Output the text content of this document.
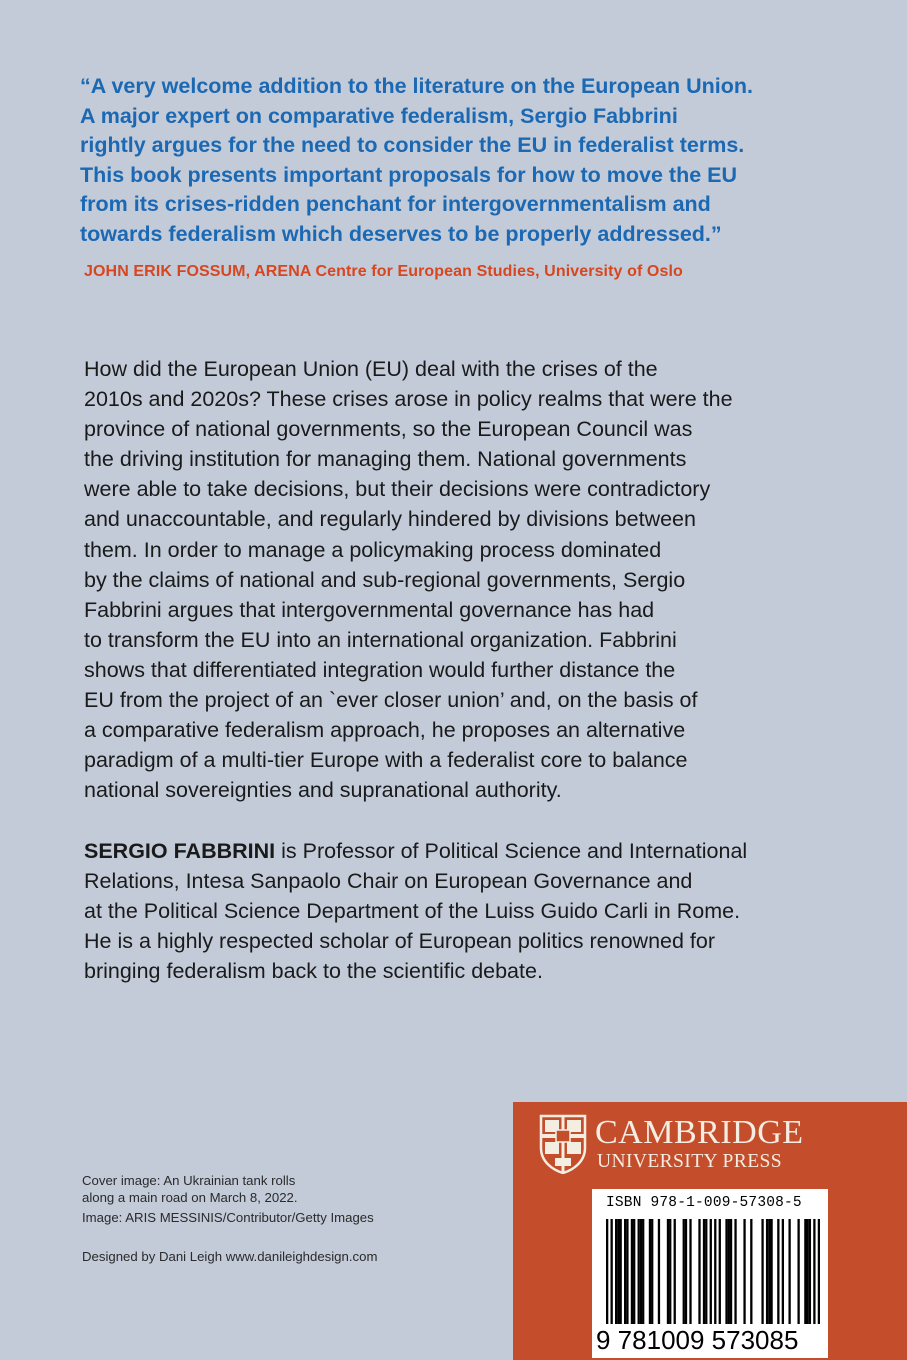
“A very welcome addition to the literature on the European Union.
A major expert on comparative federalism, Sergio Fabbrini
rightly argues for the need to consider the EU in federalist terms.
This book presents important proposals for how to move the EU
from its crises-ridden penchant for intergovernmentalism and
towards federalism which deserves to be properly addressed.”
JOHN ERIK FOSSUM, ARENA Centre for European Studies, University of Oslo
How did the European Union (EU) deal with the crises of the
2010s and 2020s? These crises arose in policy realms that were the
province of national governments, so the European Council was
the driving institution for managing them. National governments
were able to take decisions, but their decisions were contradictory
and unaccountable, and regularly hindered by divisions between
them. In order to manage a policymaking process dominated
by the claims of national and sub-regional governments, Sergio
Fabbrini argues that intergovernmental governance has had
to transform the EU into an international organization. Fabbrini
shows that differentiated integration would further distance the
EU from the project of an `ever closer union’ and, on the basis of
a comparative federalism approach, he proposes an alternative
paradigm of a multi-tier Europe with a federalist core to balance
national sovereignties and supranational authority.
SERGIO FABBRINI is Professor of Political Science and International
Relations, Intesa Sanpaolo Chair on European Governance and
at the Political Science Department of the Luiss Guido Carli in Rome.
He is a highly respected scholar of European politics renowned for
bringing federalism back to the scientific debate.
Cover image: An Ukrainian tank rolls
along a main road on March 8, 2022.
Image: ARIS MESSINIS/Contributor/Getty Images
Designed by Dani Leigh www.danileighdesign.com
CAMBRIDGE
UNIVERSITY PRESS
ISBN 978-1-009-57308-5
9 781009 573085
